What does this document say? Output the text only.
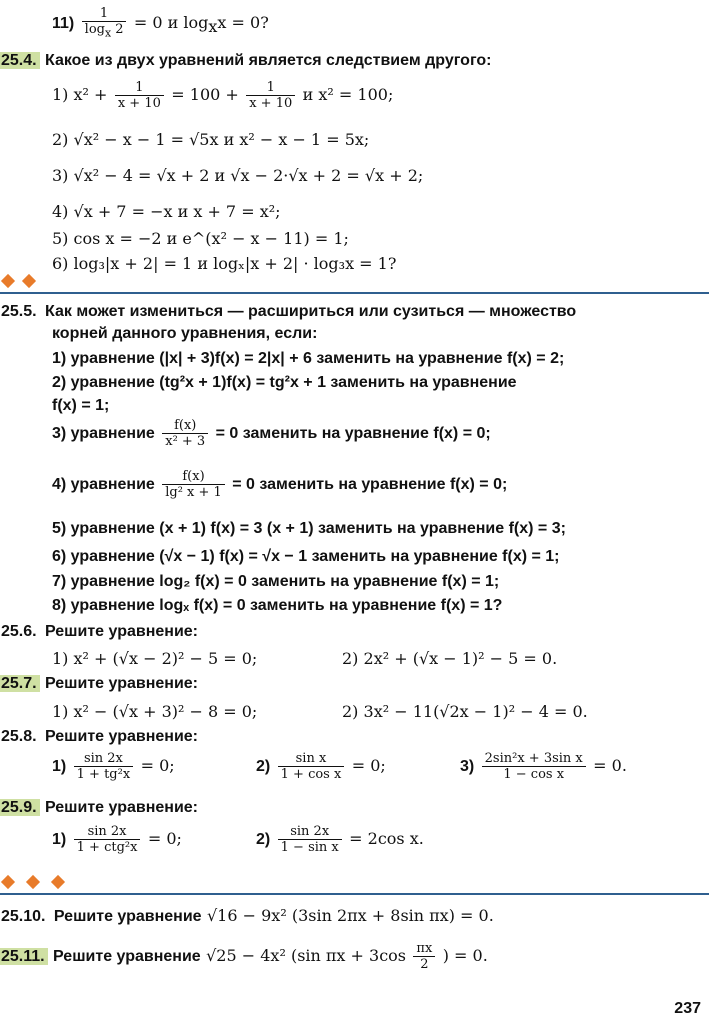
$11) \frac{1}{\log_x 2} = 0$ и $\log_xx = 0$?
25.4. Какое из двух уравнений является следствием другого:
1) $x^2 + \frac{1}{x + 10} = 100 + \frac{1}{x + 10}$ и x² = 100;
2) √x² − x − 1 = √5x и x² − x − 1 = 5x;
3) √x² − 4 = √x + 2 и √x − 2·√x + 2 = √x + 2;
4) √x + 7 = −x и x + 7 = x²;
5) cos x = −2 и e^(x² − x − 11) = 1;
6) log₃|x + 2| = 1 и logₓ|x + 2| · log₃x = 1?
25.5. Как может измениться — расшириться или сузиться — множество
корней данного уравнения, если:
1) уравнение (|x| + 3)f(x) = 2|x| + 6 заменить на уравнение f(x) = 2;
2) уравнение (tg²x + 1)f(x) = tg²x + 1 заменить на уравнение
f(x) = 1;
3) уравнение $\frac{f(x)}{\text{x² + 3}} = 0$ заменить на уравнение f(x) = 0;
4) уравнение $\frac{f(x)}{\text{lg² x + 1}} = 0$ заменить на уравнение f(x) = 0;
5) уравнение (x + 1) f(x) = 3 (x + 1) заменить на уравнение f(x) = 3;
6) уравнение (√x − 1) f(x) = √x − 1 заменить на уравнение f(x) = 1;
7) уравнение log₂ f(x) = 0 заменить на уравнение f(x) = 1;
8) уравнение logₓ f(x) = 0 заменить на уравнение f(x) = 1?
25.6. Решите уравнение:
1) x² + (√x − 2)² − 5 = 0;	2) 2x² + (√x − 1)² − 5 = 0.
25.7. Решите уравнение:
1) x² − (√x + 3)² − 8 = 0;	2) 3x² − 11(√2x − 1)² − 4 = 0.
25.8. Решите уравнение:
$1) \frac{\sin 2x}{\text{1 + tg²x}} = 0$;	$2) \frac{\text{sin x}}{\text{1 + cos x}} = 0$;	$3) \frac{\text{2sin²x + 3sin x}}{\text{1 − cos x}} = 0$.
25.9. Решите уравнение:
$1) \frac{\sin 2x}{\text{1 + ctg²x}} = 0$;	$2) \frac{\sin 2x}{\text{1 − sin x}} = 2\cos$ x.
25.10. Решите уравнение √16 − 9x² (3sin 2πx + 8sin πx) = 0.
25.11. Решите уравнение √25 − 4x² (sin $\pi x + 3\cos \frac{\pi x}{2}$ ) = 0.
237
